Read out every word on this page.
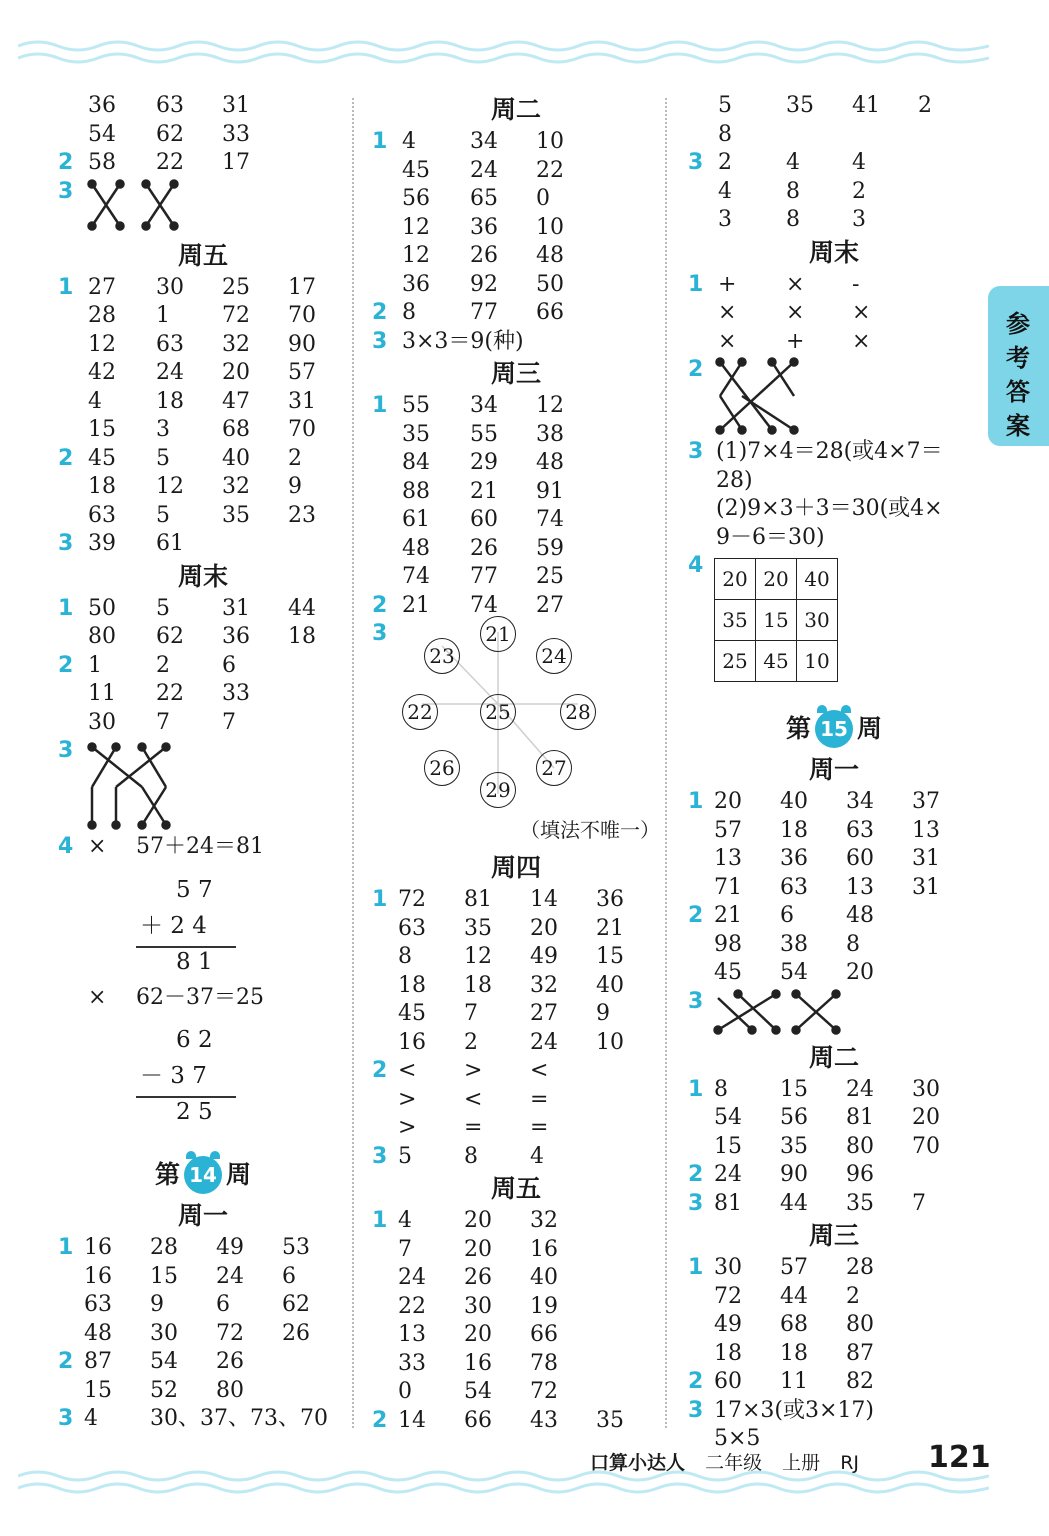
参
考
答
案
36 63 31
54 62 33
2 58 22 17
3
周五
1 27 30 25 17
28 1 72 70
12 63 32 90
42 24 20 57
4 18 47 31
15 3 68 70
2 45 5 40 2
18 12 32 9
63 5 35 23
3 39 61
周末
1 50 5 31 44
80 62 36 18
2 1 2 6
11 22 33
30 7 7
3
4 × 57＋24＝81
5 7
＋ 2 4
8 1
× 62－37＝25
6 2
－ 3 7
2 5
第 14 周
周一
1 16 28 49 53
16 15 24 6
63 9 6 62
48 30 72 26
2 87 54 26
15 52 80
3 4 30、37、73、70
周二
1 4 34 10
45 24 22
56 65 0
12 36 10
12 26 48
36 92 50
2 8 77 66
3 3×3＝9(种)
周三
1 55 34 12
35 55 38
84 29 48
88 21 91
61 60 74
48 26 59
74 77 25
2 21 74 27
3	21
23	24
22	25	28
26	27
29
（填法不唯一）
周四
1 72 81 14 36
63 35 20 21
8 12 49 15
18 18 32 40
45 7 27 9
16 2 24 10
2 < > <
> < =
> = =
3 5 8 4
周五
1 4 20 32
7 20 16
24 26 40
22 30 19
13 20 66
33 16 78
0 54 72
2 14 66 43 35
5 35 41 2
8
3 2 4 4
4 8 2
3 8 3
周末
1 + × -
× × ×
× + ×
2
3 (1)7×4＝28(或4×7＝
28)
(2)9×3＋3＝30(或4×
9－6＝30)
4
20	20	40
35	15	30
25	45	10
第 15 周
周一
1 20 40 34 37
57 18 63 13
13 36 60 31
71 63 13 31
2 21 6 48
98 38 8
45 54 20
3
周二
1 8 15 24 30
54 56 81 20
15 35 80 70
2 24 90 96
3 81 44 35 7
周三
1 30 57 28
72 44 2
49 68 80
18 18 87
2 60 11 82
3 17×3(或3×17)
5×5
口算小达人 二年级 上册 RJ	121
